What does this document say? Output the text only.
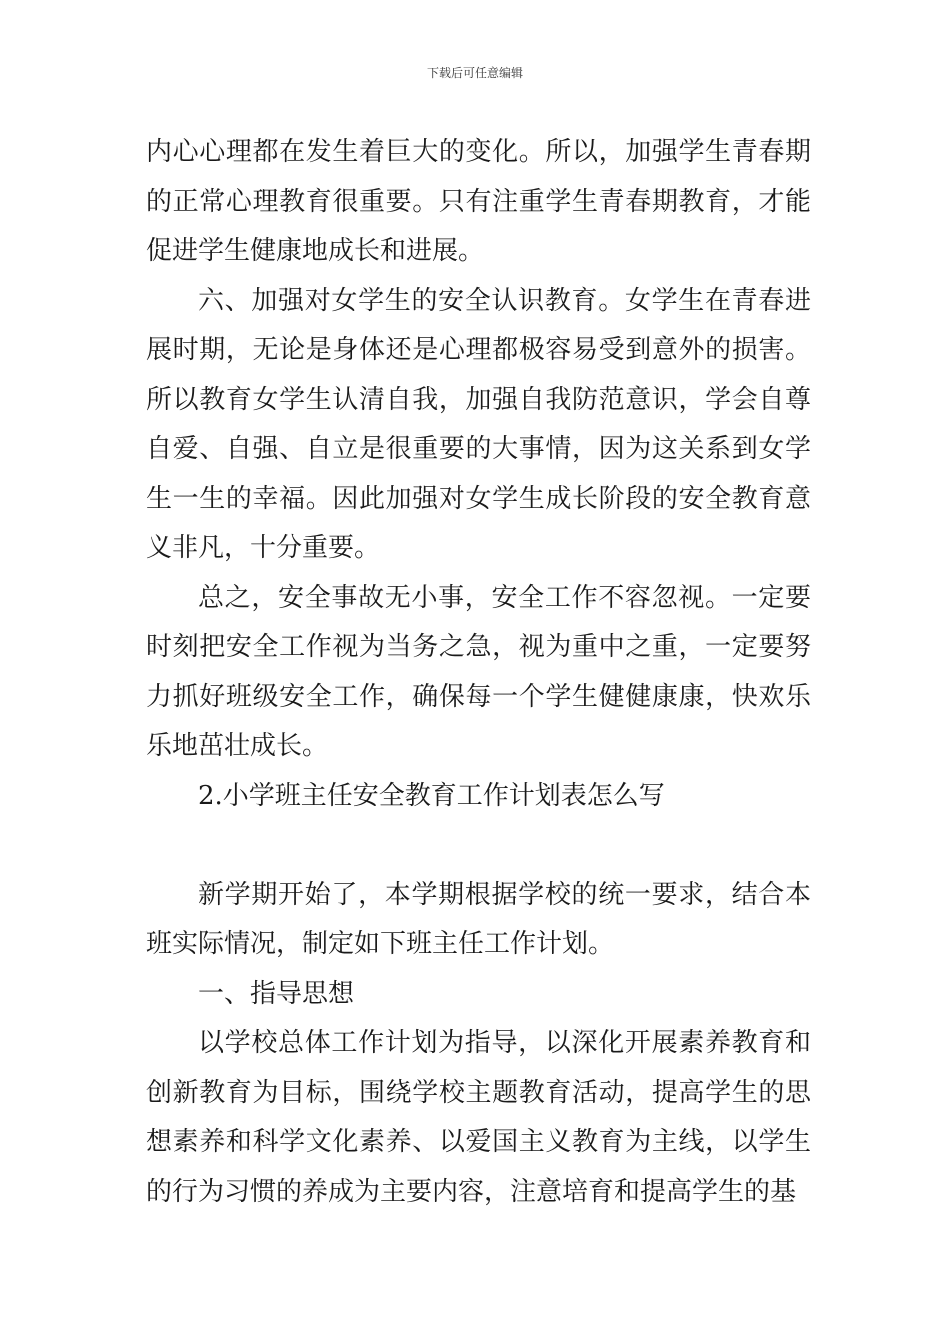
下载后可任意编辑

内心心理都在发生着巨大的变化。所以，加强学生青春期的正常心理教育很重要。只有注重学生青春期教育，才能促进学生健康地成长和进展。

六、加强对女学生的安全认识教育。女学生在青春进展时期，无论是身体还是心理都极容易受到意外的损害。所以教育女学生认清自我，加强自我防范意识，学会自尊自爱、自强、自立是很重要的大事情，因为这关系到女学生一生的幸福。因此加强对女学生成长阶段的安全教育意义非凡，十分重要。

总之，安全事故无小事，安全工作不容忽视。一定要时刻把安全工作视为当务之急，视为重中之重，一定要努力抓好班级安全工作，确保每一个学生健健康康，快欢乐乐地茁壮成长。

2.小学班主任安全教育工作计划表怎么写

新学期开始了，本学期根据学校的统一要求，结合本班实际情况，制定如下班主任工作计划。

一、指导思想

以学校总体工作计划为指导，以深化开展素养教育和创新教育为目标，围绕学校主题教育活动，提高学生的思想素养和科学文化素养、以爱国主义教育为主线，以学生的行为习惯的养成为主要内容，注意培育和提高学生的基
